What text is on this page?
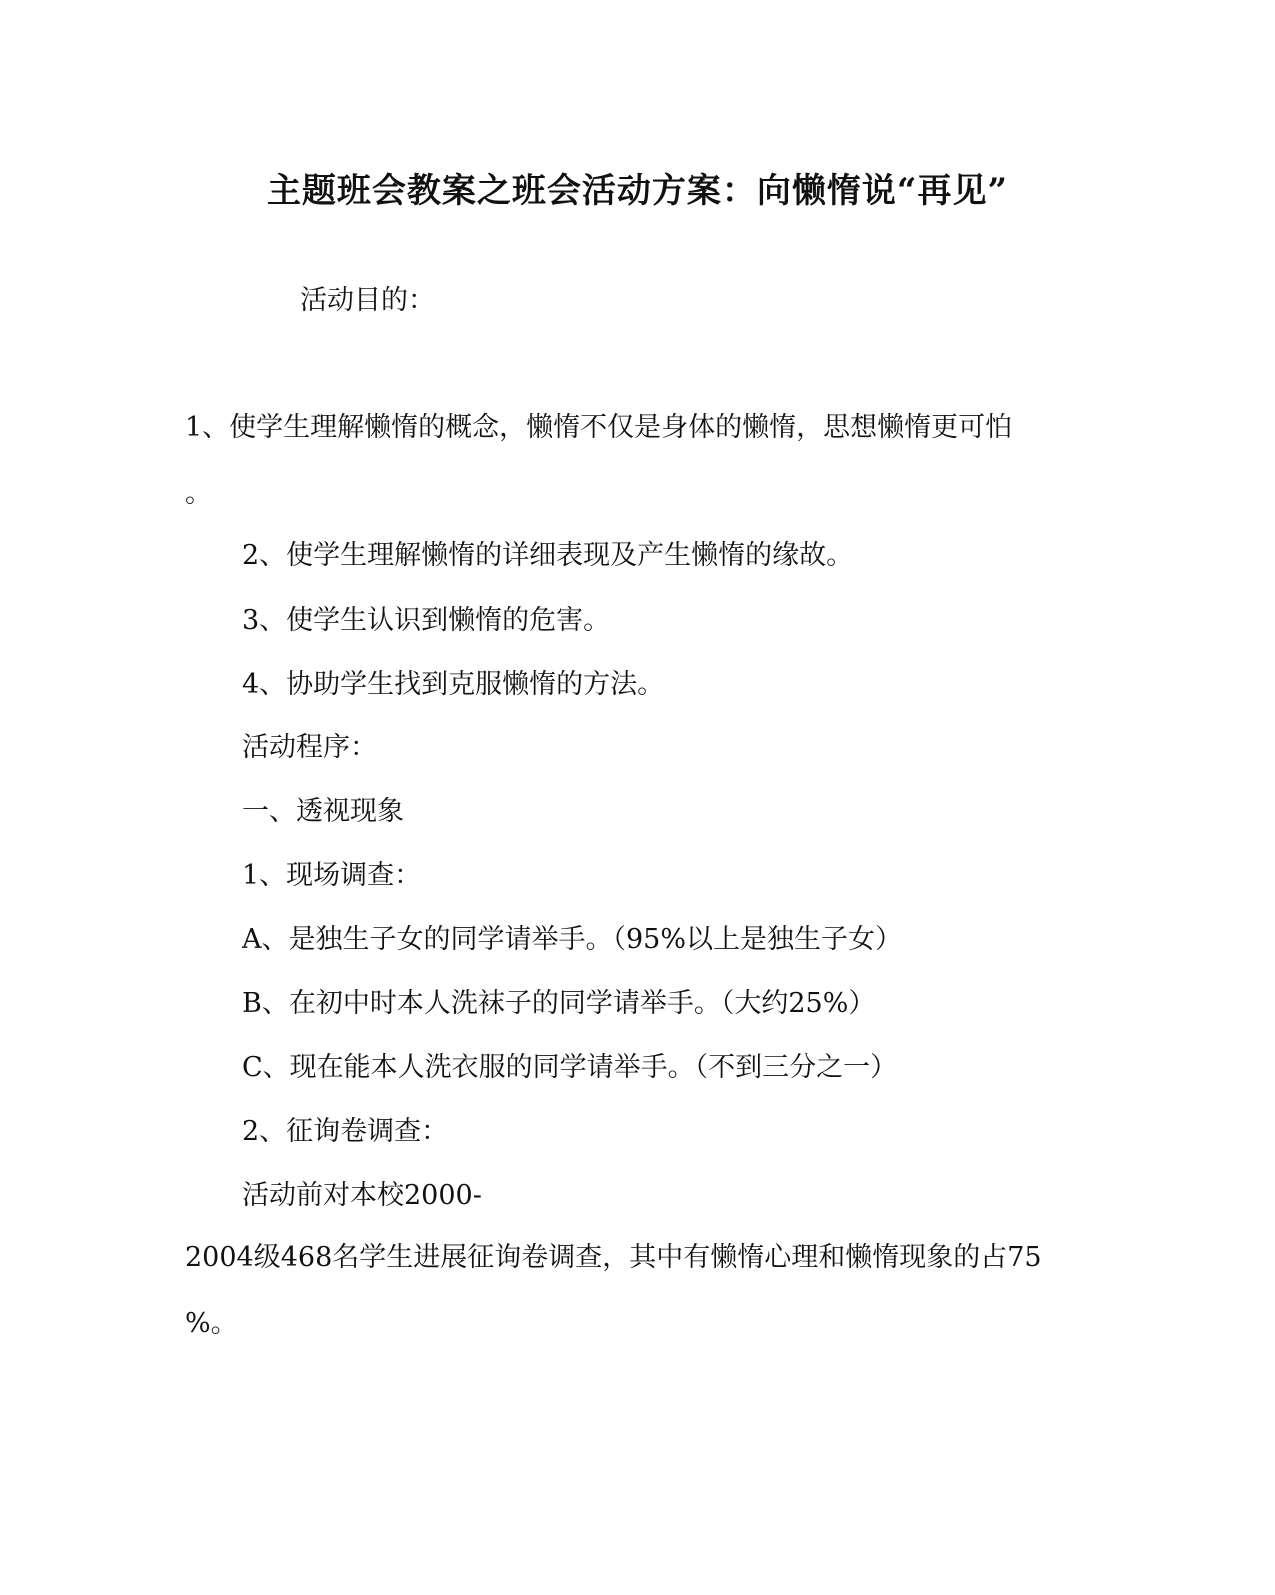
主题班会教案之班会活动方案：向懒惰说“再见”
活动目的：
1、使学生理解懒惰的概念，懒惰不仅是身体的懒惰，思想懒惰更可怕
。
2、使学生理解懒惰的详细表现及产生懒惰的缘故。
3、使学生认识到懒惰的危害。
4、协助学生找到克服懒惰的方法。
活动程序：
一、透视现象
1、现场调查：
A、是独生子女的同学请举手。（95%以上是独生子女）
B、在初中时本人洗袜子的同学请举手。（大约25%）
C、现在能本人洗衣服的同学请举手。（不到三分之一）
2、征询卷调查：
活动前对本校2000-
2004级468名学生进展征询卷调查，其中有懒惰心理和懒惰现象的占75
%。
